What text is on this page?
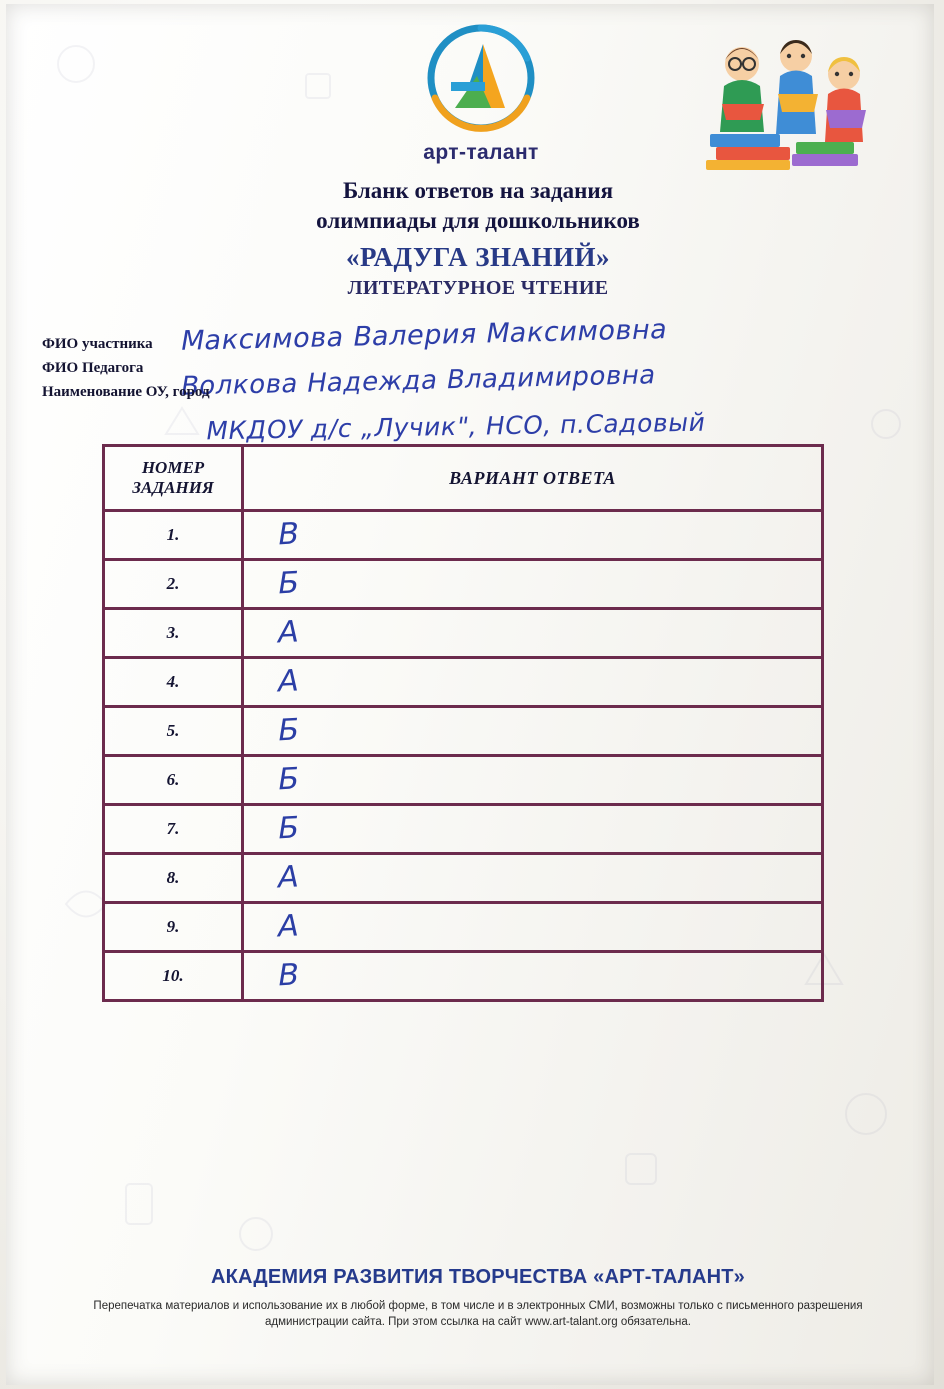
арт-талант
Бланк ответов на задания
олимпиады для дошкольников
«РАДУГА ЗНАНИЙ»
ЛИТЕРАТУРНОЕ ЧТЕНИЕ
ФИО участника Максимова Валерия Максимовна
ФИО Педагога Волкова Надежда Владимировна
Наименование ОУ, город
МКДОУ д/с „Лучик", НСО, п.Садовый
НОМЕР
ЗАДАНИЯ	ВАРИАНТ ОТВЕТА
1.	В
2.	Б
3.	А
4.	А
5.	Б
6.	Б
7.	Б
8.	А
9.	А
10.	В
АКАДЕМИЯ РАЗВИТИЯ ТВОРЧЕСТВА «АРТ-ТАЛАНТ»
Перепечатка материалов и использование их в любой форме, в том числе и в электронных СМИ, возможны только с письменного разрешения администрации сайта. При этом ссылка на сайт www.art-talant.org обязательна.
